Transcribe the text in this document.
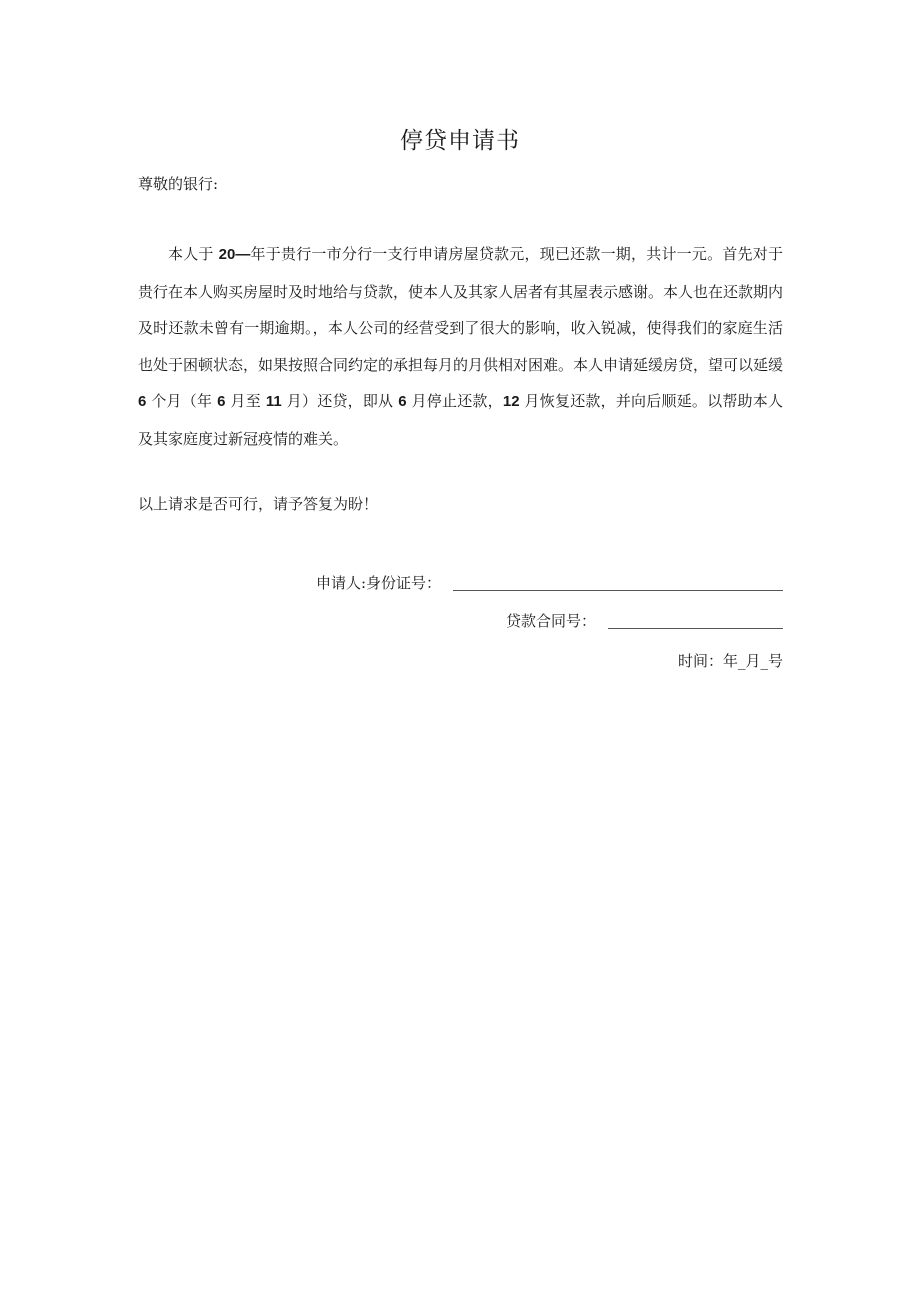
停贷申请书
尊敬的银行:

本人于 20—年于贵行一市分行一支行申请房屋贷款元，现已还款一期，共计一元。首先对于贵行在本人购买房屋时及时地给与贷款，使本人及其家人居者有其屋表示感谢。本人也在还款期内及时还款未曾有一期逾期。，本人公司的经营受到了很大的影响，收入锐减，使得我们的家庭生活也处于困顿状态，如果按照合同约定的承担每月的月供相对困难。本人申请延缓房贷，望可以延缓 6 个月（年 6 月至 11 月）还贷，即从 6 月停止还款，12 月恢复还款，并向后顺延。以帮助本人及其家庭度过新冠疫情的难关。

以上请求是否可行，请予答复为盼！
申请人:身份证号：
贷款合同号：
时间：年_月_号
